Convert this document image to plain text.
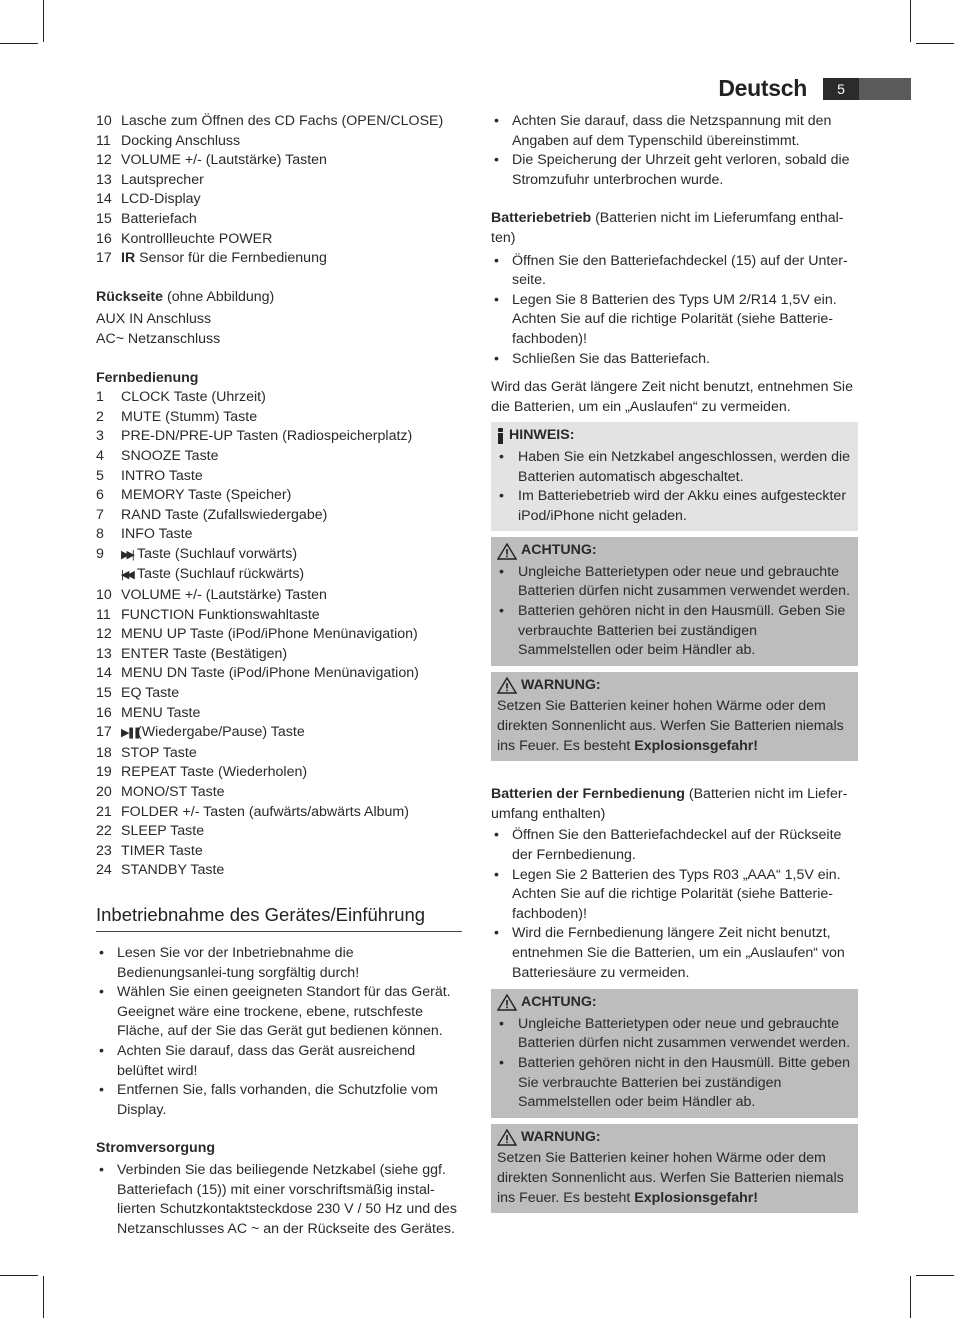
Deutsch	5
10 Lasche zum Öffnen des CD Fachs (OPEN/CLOSE)
11 Docking Anschluss
12 VOLUME +/- (Lautstärke) Tasten
13 Lautsprecher
14 LCD-Display
15 Batteriefach
16 Kontrollleuchte POWER
17 IR Sensor für die Fernbedienung
Rückseite (ohne Abbildung)
AUX IN Anschluss
AC~ Netzanschluss
Fernbedienung
1	CLOCK Taste (Uhrzeit)
2	MUTE (Stumm) Taste
3	PRE-DN/PRE-UP Tasten (Radiospeicherplatz)
4	SNOOZE Taste
5	INTRO Taste
6	MEMORY Taste (Speicher)
7	RAND Taste (Zufallswiedergabe)
8	INFO Taste
9	▶▶| Taste (Suchlauf vorwärts)
|◀◀ Taste (Suchlauf rückwärts)
10 VOLUME +/- (Lautstärke) Tasten
11 FUNCTION Funktionswahltaste
12 MENU UP Taste (iPod/iPhone Menünavigation)
13 ENTER Taste (Bestätigen)
14 MENU DN Taste (iPod/iPhone Menünavigation)
15 EQ Taste
16 MENU Taste
17 ▶❚❚(Wiedergabe/Pause) Taste
18 STOP Taste
19 REPEAT Taste (Wiederholen)
20 MONO/ST Taste
21 FOLDER +/- Tasten (aufwärts/abwärts Album)
22 SLEEP Taste
23 TIMER Taste
24 STANDBY Taste
Inbetriebnahme des Gerätes/Einführung
• Lesen Sie vor der Inbetriebnahme die Bedienungsanlei-tung sorgfältig durch!
• Wählen Sie einen geeigneten Standort für das Gerät. Geeignet wäre eine trockene, ebene, rutschfeste Fläche, auf der Sie das Gerät gut bedienen können.
• Achten Sie darauf, dass das Gerät ausreichend belüftet wird!
• Entfernen Sie, falls vorhanden, die Schutzfolie vom Display.
Stromversorgung
• Verbinden Sie das beiliegende Netzkabel (siehe ggf. Batteriefach (15)) mit einer vorschriftsmäßig instal-lierten Schutzkontaktsteckdose 230 V / 50 Hz und des Netzanschlusses AC ~ an der Rückseite des Gerätes.
• Achten Sie darauf, dass die Netzspannung mit den Angaben auf dem Typenschild übereinstimmt.
• Die Speicherung der Uhrzeit geht verloren, sobald die Stromzufuhr unterbrochen wurde.
Batteriebetrieb (Batterien nicht im Lieferumfang enthal-ten)
• Öffnen Sie den Batteriefachdeckel (15) auf der Unter-seite.
• Legen Sie 8 Batterien des Typs UM 2/R14 1,5V ein. Achten Sie auf die richtige Polarität (siehe Batterie-fachboden)!
• Schließen Sie das Batteriefach.

Wird das Gerät längere Zeit nicht benutzt, entnehmen Sie die Batterien, um ein „Auslaufen“ zu vermeiden.

HINWEIS:
• Haben Sie ein Netzkabel angeschlossen, werden die Batterien automatisch abgeschaltet.
• Im Batteriebetrieb wird der Akku eines aufgesteckter iPod/iPhone nicht geladen.
ACHTUNG:
• Ungleiche Batterietypen oder neue und gebrauchte Batterien dürfen nicht zusammen verwendet werden.
• Batterien gehören nicht in den Hausmüll. Geben Sie verbrauchte Batterien bei zuständigen Sammelstellen oder beim Händler ab.
WARNUNG:
Setzen Sie Batterien keiner hohen Wärme oder dem direkten Sonnenlicht aus. Werfen Sie Batterien niemals ins Feuer. Es besteht Explosionsgefahr!
Batterien der Fernbedienung (Batterien nicht im Liefer-umfang enthalten)
• Öffnen Sie den Batteriefachdeckel auf der Rückseite der Fernbedienung.
• Legen Sie 2 Batterien des Typs R03 „AAA“ 1,5V ein. Achten Sie auf die richtige Polarität (siehe Batterie-fachboden)!
• Wird die Fernbedienung längere Zeit nicht benutzt, entnehmen Sie die Batterien, um ein „Auslaufen“ von Batteriesäure zu vermeiden.
ACHTUNG:
• Ungleiche Batterietypen oder neue und gebrauchte Batterien dürfen nicht zusammen verwendet werden.
• Batterien gehören nicht in den Hausmüll. Bitte geben Sie verbrauchte Batterien bei zuständigen Sammelstellen oder beim Händler ab.
WARNUNG:
Setzen Sie Batterien keiner hohen Wärme oder dem direkten Sonnenlicht aus. Werfen Sie Batterien niemals ins Feuer. Es besteht Explosionsgefahr!
